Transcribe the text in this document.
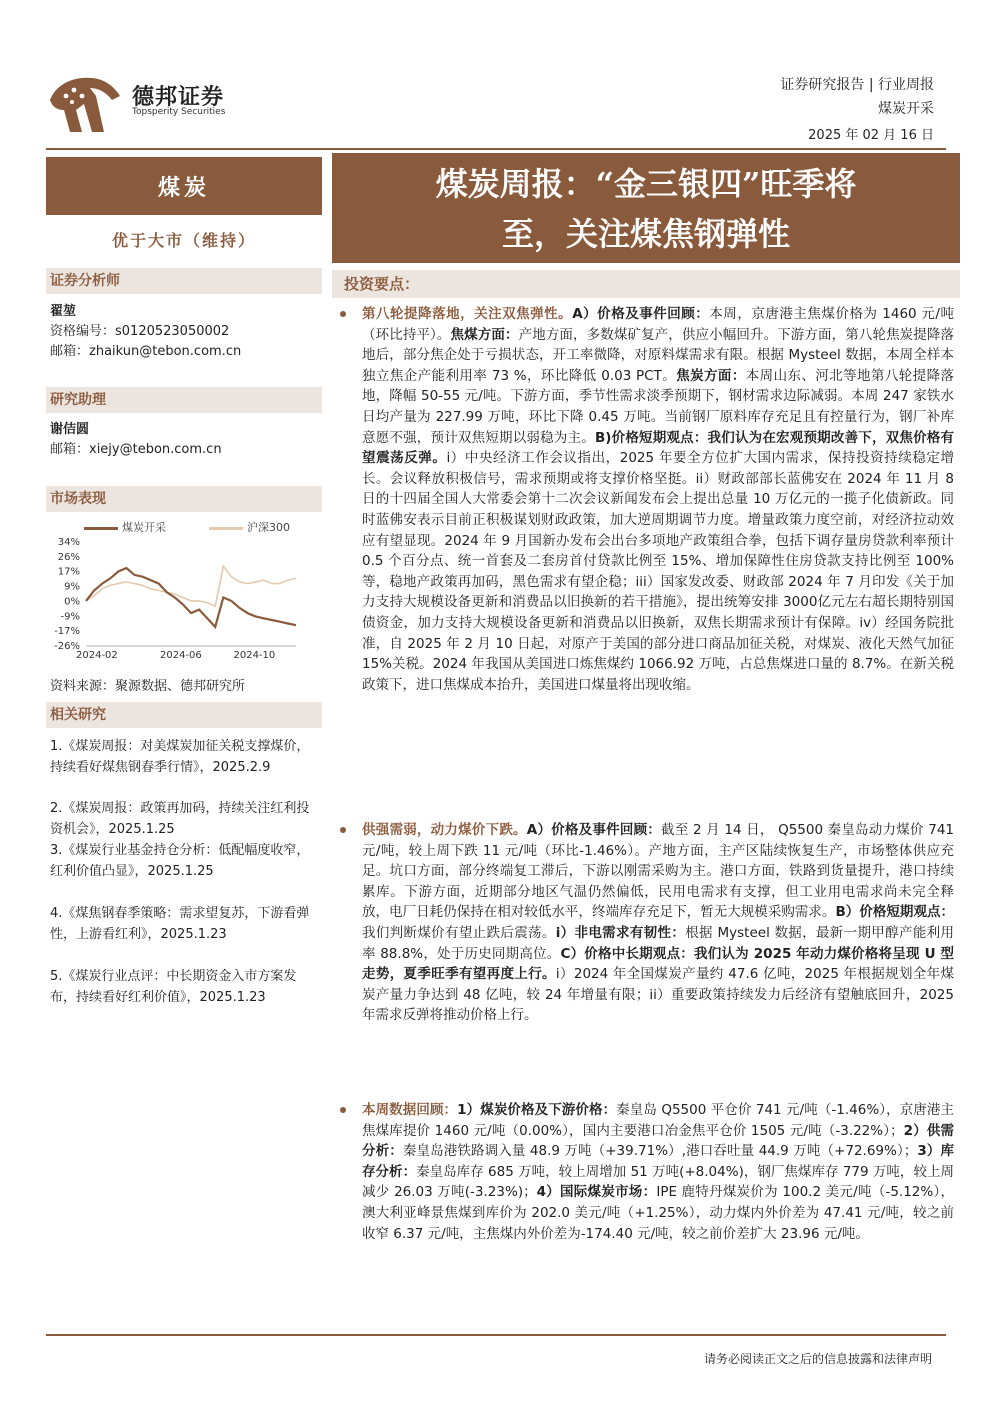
德邦证券
Topsperity Securities
证券研究报告 | 行业周报
煤炭开采
2025 年 02 月 16 日
煤炭	煤炭周报：“金三银四”旺季将
至，关注煤焦钢弹性
优于大市（维持）
证券分析师
翟堃
资格编号：s0120523050002
邮箱：zhaikun@tebon.com.cn
研究助理
谢佶圆
邮箱：xiejy@tebon.com.cn
市场表现
煤炭开采	沪深300
34%
26%
17%
9%
0%
-9%
-17%
-26%
2024-02	2024-06	2024-10
资料来源：聚源数据、德邦研究所
相关研究
1.《煤炭周报：对美煤炭加征关税支撑煤价，持续看好煤焦钢春季行情》，2025.2.9
2.《煤炭周报：政策再加码，持续关注红利投资机会》，2025.1.25
3.《煤炭行业基金持仓分析：低配幅度收窄，红利价值凸显》，2025.1.25
4.《煤焦钢春季策略：需求望复苏，下游看弹性，上游看红利》，2025.1.23
5.《煤炭行业点评：中长期资金入市方案发布，持续看好红利价值》，2025.1.23
投资要点：
第八轮提降落地，关注双焦弹性。A）价格及事件回顾：本周，京唐港主焦煤价格为 1460 元/吨（环比持平）。焦煤方面：产地方面，多数煤矿复产，供应小幅回升。下游方面，第八轮焦炭提降落地后，部分焦企处于亏损状态，开工率微降，对原料煤需求有限。根据 Mysteel 数据，本周全样本独立焦企产能利用率 73 %，环比降低 0.03 PCT。焦炭方面：本周山东、河北等地第八轮提降落地，降幅 50-55 元/吨。下游方面，季节性需求淡季预期下，钢材需求边际减弱。本周 247 家铁水日均产量为 227.99 万吨，环比下降 0.45 万吨。当前钢厂原料库存充足且有控量行为，钢厂补库意愿不强，预计双焦短期以弱稳为主。B)价格短期观点：我们认为在宏观预期改善下，双焦价格有望震荡反弹。i）中央经济工作会议指出，2025 年要全方位扩大国内需求，保持投资持续稳定增长。会议释放积极信号，需求预期或将支撑价格坚挺。ii）财政部部长蓝佛安在 2024 年 11 月 8 日的十四届全国人大常委会第十二次会议新闻发布会上提出总量 10 万亿元的一揽子化债新政。同时蓝佛安表示目前正积极谋划财政政策，加大逆周期调节力度。增量政策力度空前，对经济拉动效应有望显现。2024 年 9 月国新办发布会出台多项地产政策组合拳，包括下调存量房贷款利率预计 0.5 个百分点、统一首套及二套房首付贷款比例至 15%、增加保障性住房贷款支持比例至 100%等，稳地产政策再加码，黑色需求有望企稳；iii）国家发改委、财政部 2024 年 7 月印发《关于加力支持大规模设备更新和消费品以旧换新的若干措施》，提出统筹安排 3000亿元左右超长期特别国债资金，加力支持大规模设备更新和消费品以旧换新，双焦长期需求预计有保障。iv）经国务院批准，自 2025 年 2 月 10 日起，对原产于美国的部分进口商品加征关税，对煤炭、液化天然气加征 15%关税。2024 年我国从美国进口炼焦煤约 1066.92 万吨，占总焦煤进口量的 8.7%。在新关税政策下，进口焦煤成本抬升，美国进口煤量将出现收缩。
供强需弱，动力煤价下跌。A）价格及事件回顾：截至 2 月 14 日， Q5500 秦皇岛动力煤价 741 元/吨，较上周下跌 11 元/吨（环比-1.46%）。产地方面，主产区陆续恢复生产，市场整体供应充足。坑口方面，部分终端复工滞后，下游以刚需采购为主。港口方面，铁路到货量提升，港口持续累库。下游方面，近期部分地区气温仍然偏低，民用电需求有支撑，但工业用电需求尚未完全释放，电厂日耗仍保持在相对较低水平，终端库存充足下，暂无大规模采购需求。B）价格短期观点：我们判断煤价有望止跌后震荡。i）非电需求有韧性：根据 Mysteel 数据，最新一期甲醇产能利用率 88.8%，处于历史同期高位。C）价格中长期观点：我们认为 2025 年动力煤价格将呈现 U 型走势，夏季旺季有望再度上行。i）2024 年全国煤炭产量约 47.6 亿吨，2025 年根据规划全年煤炭产量力争达到 48 亿吨，较 24 年增量有限；ii）重要政策持续发力后经济有望触底回升，2025 年需求反弹将推动价格上行。
本周数据回顾：1）煤炭价格及下游价格：秦皇岛 Q5500 平仓价 741 元/吨（-1.46%），京唐港主焦煤库提价 1460 元/吨（0.00%），国内主要港口冶金焦平仓价 1505 元/吨（-3.22%）；2）供需分析：秦皇岛港铁路调入量 48.9 万吨（+39.71%）,港口吞吐量 44.9 万吨（+72.69%）；3）库存分析：秦皇岛库存 685 万吨，较上周增加 51 万吨(+8.04%)，钢厂焦煤库存 779 万吨，较上周减少 26.03 万吨(-3.23%)；4）国际煤炭市场：IPE 鹿特丹煤炭价为 100.2 美元/吨（-5.12%），澳大利亚峰景焦煤到库价为 202.0 美元/吨（+1.25%），动力煤内外价差为 47.41 元/吨，较之前收窄 6.37 元/吨，主焦煤内外价差为-174.40 元/吨，较之前价差扩大 23.96 元/吨。
请务必阅读正文之后的信息披露和法律声明
